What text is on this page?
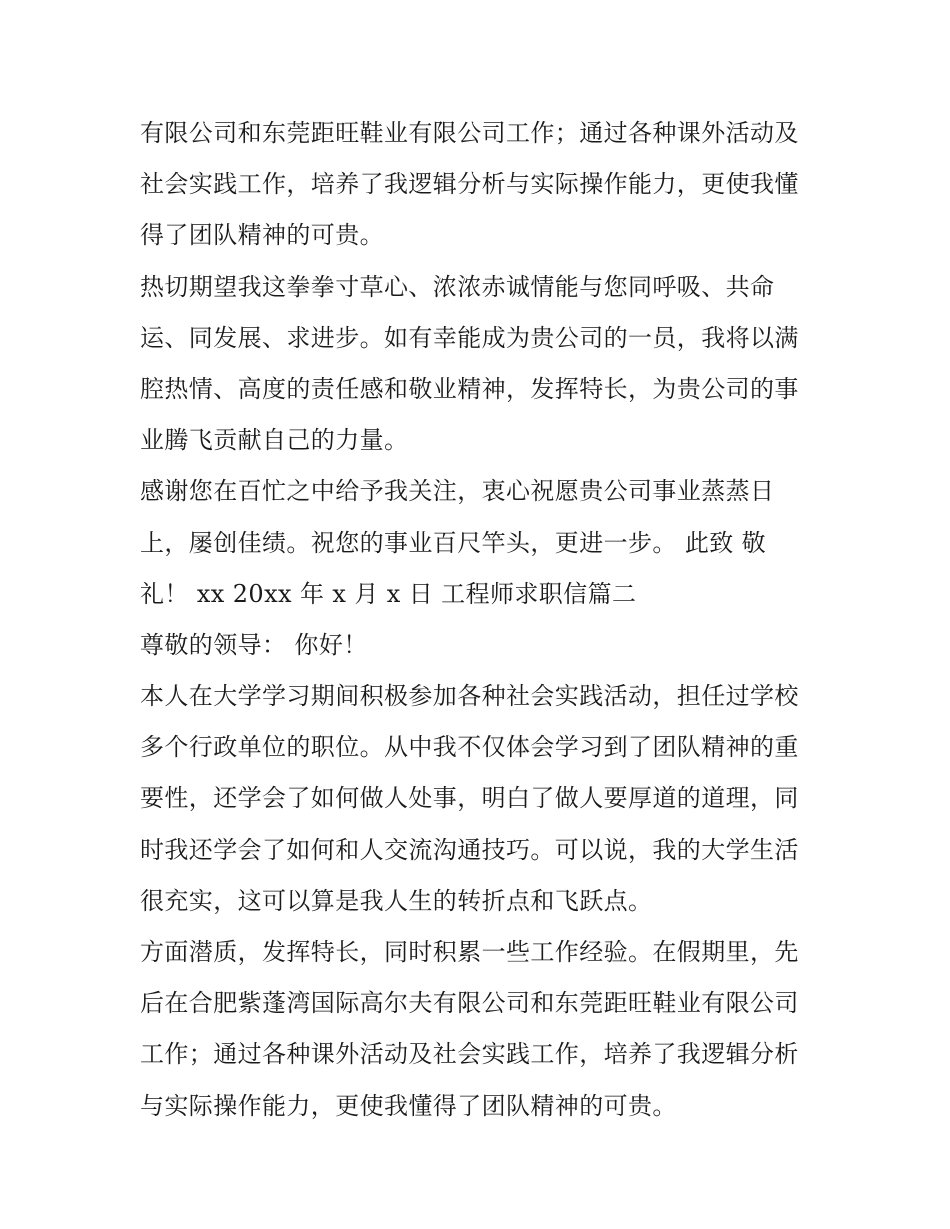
有限公司和东莞距旺鞋业有限公司工作；通过各种课外活动及
社会实践工作，培养了我逻辑分析与实际操作能力，更使我懂
得了团队精神的可贵。
热切期望我这拳拳寸草心、浓浓赤诚情能与您同呼吸、共命
运、同发展、求进步。如有幸能成为贵公司的一员，我将以满
腔热情、高度的责任感和敬业精神，发挥特长，为贵公司的事
业腾飞贡献自己的力量。
感谢您在百忙之中给予我关注，衷心祝愿贵公司事业蒸蒸日
上，屡创佳绩。祝您的事业百尺竿头，更进一步。 此致 敬
礼！ xx 20xx 年 x 月 x 日 工程师求职信篇二
尊敬的领导： 你好！
本人在大学学习期间积极参加各种社会实践活动，担任过学校
多个行政单位的职位。从中我不仅体会学习到了团队精神的重
要性，还学会了如何做人处事，明白了做人要厚道的道理，同
时我还学会了如何和人交流沟通技巧。可以说，我的大学生活
很充实，这可以算是我人生的转折点和飞跃点。
方面潜质，发挥特长，同时积累一些工作经验。在假期里，先
后在合肥紫蓬湾国际高尔夫有限公司和东莞距旺鞋业有限公司
工作；通过各种课外活动及社会实践工作，培养了我逻辑分析
与实际操作能力，更使我懂得了团队精神的可贵。
